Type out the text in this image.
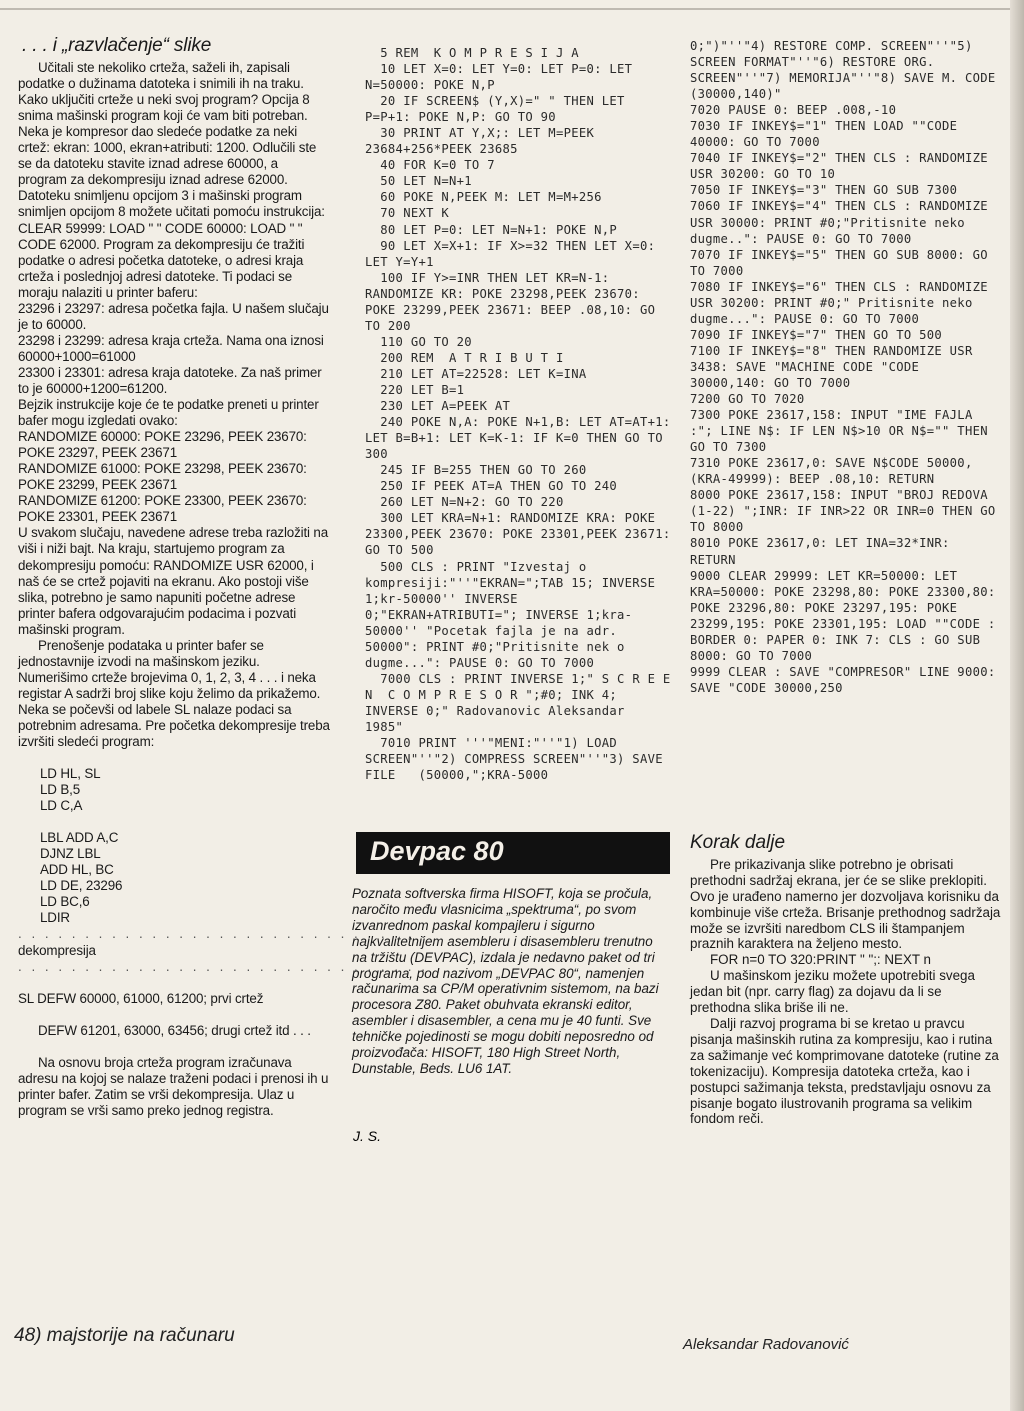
. . . i „razvlačenje“ slike

Učitali ste nekoliko crteža, saželi ih, zapisali podatke o dužinama datoteka i snimili ih na traku. Kako uključiti crteže u neki svoj program? Opcija 8 snima mašinski program koji će vam biti potreban. Neka je kompresor dao sledeće podatke za neki crtež: ekran: 1000, ekran+atributi: 1200. Odlučili ste se da datoteku stavite iznad adrese 60000, a program za dekompresiju iznad adrese 62000. Datoteku snimljenu opcijom 3 i mašinski program snimljen opcijom 8 možete učitati pomoću instrukcija:

CLEAR 59999: LOAD " " CODE 60000: LOAD " " CODE 62000. Program za dekompresiju će tražiti podatke o adresi početka datoteke, o adresi kraja crteža i poslednjoj adresi datoteke. Ti podaci se moraju nalaziti u printer baferu:

23296 i 23297: adresa početka fajla. U našem slučaju je to 60000.

23298 i 23299: adresa kraja crteža. Nama ona iznosi 60000+1000=61000

23300 i 23301: adresa kraja datoteke. Za naš primer to je 60000+1200=61200.

Bejzik instrukcije koje će te podatke preneti u printer bafer mogu izgledati ovako:

RANDOMIZE 60000: POKE 23296, PEEK 23670: POKE 23297, PEEK 23671
RANDOMIZE 61000: POKE 23298, PEEK 23670: POKE 23299, PEEK 23671
RANDOMIZE 61200: POKE 23300, PEEK 23670: POKE 23301, PEEK 23671

U svakom slučaju, navedene adrese treba razložiti na viši i niži bajt. Na kraju, startujemo program za dekompresiju pomoću: RANDOMIZE USR 62000, i naš će se crtež pojaviti na ekranu. Ako postoji više slika, potrebno je samo napuniti početne adrese printer bafera odgovarajućim podacima i pozvati mašinski program.

Prenošenje podataka u printer bafer se jednostavnije izvodi na mašinskom jeziku. Numerišimo crteže brojevima 0, 1, 2, 3, 4 . . . i neka registar A sadrži broj slike koju želimo da prikažemo. Neka se počevši od labele SL nalaze podaci sa potrebnim adresama. Pre početka dekompresije treba izvršiti sledeći program:

LD HL, SL
LD B,5
LD C,A

LBL ADD A,C
DJNZ LBL
ADD HL, BC
LD DE, 23296
LD BC,6
LDIR

. . . . . . . . . . . . . . . . . . . . . . . . . . . . . . .

dekompresija

. . . . . . . . . . . . . . . . . . . . . . . . . . . . . . .

SL DEFW 60000, 61000, 61200; prvi crtež

DEFW 61201, 63000, 63456; drugi crtež itd . . .

Na osnovu broja crteža program izračunava adresu na kojoj se nalaze traženi podaci i prenosi ih u printer bafer. Zatim se vrši dekompresija. Ulaz u program se vrši samo preko jednog registra.

5 REM  K O M P R E S I J A
10 LET X=0: LET Y=0: LET P=0: LET N=50000: POKE N,P
20 IF SCREEN$ (Y,X)=" " THEN LET P=P+1: POKE N,P: GO TO 90
30 PRINT AT Y,X;: LET M=PEEK 23684+256*PEEK 23685
40 FOR K=0 TO 7
50 LET N=N+1
60 POKE N,PEEK M: LET M=M+256
70 NEXT K
80 LET P=0: LET N=N+1: POKE N,P
90 LET X=X+1: IF X>=32 THEN LET X=0: LET Y=Y+1
100 IF Y>=INR THEN LET KR=N-1: RANDOMIZE KR: POKE 23298,PEEK 23670: POKE 23299,PEEK 23671: BEEP .08,10: GO TO 200
110 GO TO 20
200 REM  A T R I B U T I
210 LET AT=22528: LET K=INA
220 LET B=1
230 LET A=PEEK AT
240 POKE N,A: POKE N+1,B: LET AT=AT+1: LET B=B+1: LET K=K-1: IF K=0 THEN GO TO 300
245 IF B=255 THEN GO TO 260
250 IF PEEK AT=A THEN GO TO 240
260 LET N=N+2: GO TO 220
300 LET KRA=N+1: RANDOMIZE KRA: POKE 23300,PEEK 23670: POKE 23301,PEEK 23671: GO TO 500
500 CLS : PRINT "Izvestaj o kompresiji:"''"EKRAN=";TAB 15; INVERSE 1;kr-50000'' INVERSE 0;"EKRAN+ATRIBUTI="; INVERSE 1;kra-50000'' "Pocetak fajla je na adr. 50000": PRINT #0;"Pritisnite nek o dugme...": PAUSE 0: GO TO 7000
7000 CLS : PRINT INVERSE 1;" S C R E E N  C O M P R E S O R ";#0; INK 4; INVERSE 0;" Radovanovic Aleksandar  1985"
7010 PRINT '''"MENI:"''"1) LOAD SCREEN"''"2) COMPRESS SCREEN"''"3) SAVE FILE   (50000,";KRA-5000

Devpac 80

Poznata softverska firma HISOFT, koja se pročula, naročito među vlasnicima „spektruma“, po svom izvanrednom paskal kompajleru i sigurno najkvalitetnijem asembleru i disasembleru trenutno na tržištu (DEVPAC), izdala je nedavno paket od tri programa, pod nazivom „DEVPAC 80“, namenjen računarima sa CP/M operativnim sistemom, na bazi procesora Z80. Paket obuhvata ekranski editor, asembler i disasembler, a cena mu je 40 funti. Sve tehničke pojedinosti se mogu dobiti neposredno od proizvođača: HISOFT, 180 High Street North, Dunstable, Beds. LU6 1AT.

J. S.

0;")"''"4) RESTORE COMP. SCREEN"''"5) SCREEN FORMAT"''"6) RESTORE ORG. SCREEN"''"7) MEMORIJA"''"8) SAVE M. CODE (30000,140)"
7020 PAUSE 0: BEEP .008,-10
7030 IF INKEY$="1" THEN LOAD ""CODE 40000: GO TO 7000
7040 IF INKEY$="2" THEN CLS : RANDOMIZE USR 30200: GO TO 10
7050 IF INKEY$="3" THEN GO SUB 7300
7060 IF INKEY$="4" THEN CLS : RANDOMIZE USR 30000: PRINT #0;"Pritisnite neko dugme..": PAUSE 0: GO TO 7000
7070 IF INKEY$="5" THEN GO SUB 8000: GO TO 7000
7080 IF INKEY$="6" THEN CLS : RANDOMIZE USR 30200: PRINT #0;" Pritisnite neko dugme...": PAUSE 0: GO TO 7000
7090 IF INKEY$="7" THEN GO TO 500
7100 IF INKEY$="8" THEN RANDOMIZE USR 3438: SAVE "MACHINE CODE "CODE 30000,140: GO TO 7000
7200 GO TO 7020
7300 POKE 23617,158: INPUT "IME FAJLA :"; LINE N$: IF LEN N$>10 OR N$="" THEN GO TO 7300
7310 POKE 23617,0: SAVE N$CODE 50000,(KRA-49999): BEEP .08,10: RETURN
8000 POKE 23617,158: INPUT "BROJ REDOVA (1-22) ";INR: IF INR>22 OR INR=0 THEN GO TO 8000
8010 POKE 23617,0: LET INA=32*INR: RETURN
9000 CLEAR 29999: LET KR=50000: LET KRA=50000: POKE 23298,80: POKE 23300,80: POKE 23296,80: POKE 23297,195: POKE 23299,195: POKE 23301,195: LOAD ""CODE : BORDER 0: PAPER 0: INK 7: CLS : GO SUB 8000: GO TO 7000
9999 CLEAR : SAVE "COMPRESOR" LINE 9000: SAVE "CODE 30000,250

Korak dalje

Pre prikazivanja slike potrebno je obrisati prethodni sadržaj ekrana, jer će se slike preklopiti. Ovo je urađeno namerno jer dozvoljava korisniku da kombinuje više crteža. Brisanje prethodnog sadržaja može se izvršiti naredbom CLS ili štampanjem praznih karaktera na željeno mesto.

FOR n=0 TO 320:PRINT " ";: NEXT n

U mašinskom jeziku možete upotrebiti svega jedan bit (npr. carry flag) za dojavu da li se prethodna slika briše ili ne.

Dalji razvoj programa bi se kretao u pravcu pisanja mašinskih rutina za kompresiju, kao i rutina za sažimanje već komprimovane datoteke (rutine za tokenizaciju). Kompresija datoteka crteža, kao i postupci sažimanja teksta, predstavljaju osnovu za pisanje bogato ilustrovanih programa sa velikim fondom reči.

48) majstorije na računaru	Aleksandar Radovanović
